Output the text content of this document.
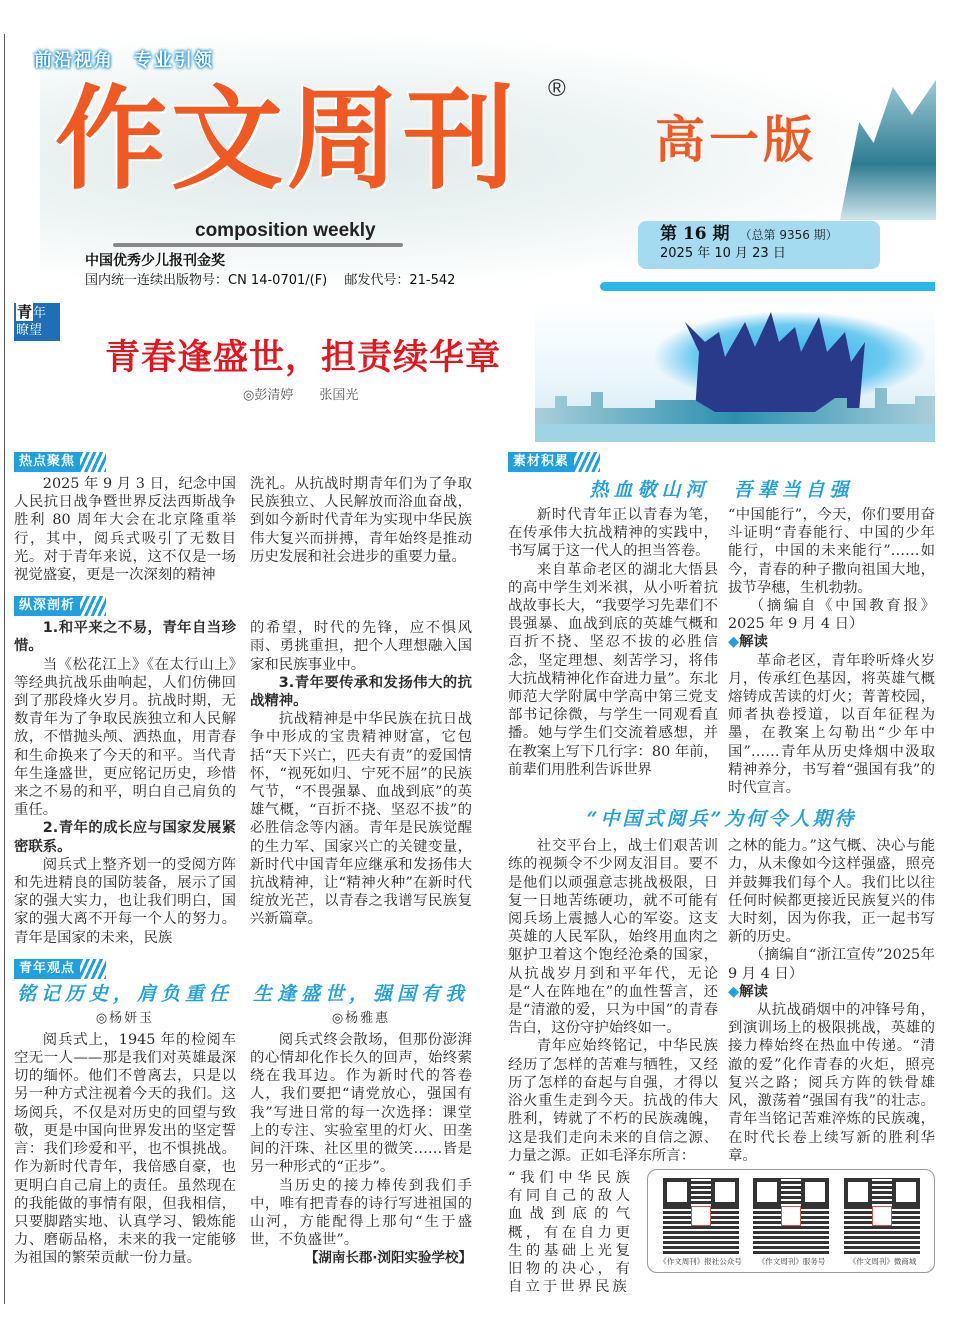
前沿视角　专业引领
作文周刊 ®
composition weekly
中国优秀少儿报刊金奖
国内统一连续出版物号：CN 14-0701/(F)　 邮发代号：21-542
高一版
第 16 期 （总第 9356 期）
2025 年 10 月 23 日
青年
瞭望
青春逢盛世，担责续华章
◎彭清婷　　张国光
热点聚焦

2025 年 9 月 3 日，纪念中国人民抗日战争暨世界反法西斯战争胜利 80 周年大会在北京隆重举行，其中，阅兵式吸引了无数目光。对于青年来说，这不仅是一场视觉盛宴，更是一次深刻的精神

洗礼。从抗战时期青年们为了争取民族独立、人民解放而浴血奋战，到如今新时代青年为实现中华民族伟大复兴而拼搏，青年始终是推动历史发展和社会进步的重要力量。

纵深剖析

1.和平来之不易，青年自当珍惜。

当《松花江上》《在太行山上》等经典抗战乐曲响起，人们仿佛回到了那段烽火岁月。抗战时期，无数青年为了争取民族独立和人民解放，不惜抛头颅、洒热血，用青春和生命换来了今天的和平。当代青年生逢盛世，更应铭记历史，珍惜来之不易的和平，明白自己肩负的重任。

2.青年的成长应与国家发展紧密联系。

阅兵式上整齐划一的受阅方阵和先进精良的国防装备，展示了国家的强大实力，也让我们明白，国家的强大离不开每一个人的努力。青年是国家的未来，民族

的希望，时代的先锋，应不惧风雨、勇挑重担，把个人理想融入国家和民族事业中。

3.青年要传承和发扬伟大的抗战精神。

抗战精神是中华民族在抗日战争中形成的宝贵精神财富，它包括“天下兴亡，匹夫有责”的爱国情怀，“视死如归、宁死不屈”的民族气节，“不畏强暴、血战到底”的英雄气概，“百折不挠、坚忍不拔”的必胜信念等内涵。青年是民族觉醒的生力军、国家兴亡的关键变量，新时代中国青年应继承和发扬伟大抗战精神，让“精神火种”在新时代绽放光芒，以青春之我谱写民族复兴新篇章。

青年观点
铭记历史，肩负重任
◎杨妍玉

阅兵式上，1945 年的检阅车空无一人——那是我们对英雄最深切的缅怀。他们不曾离去，只是以另一种方式注视着今天的我们。这场阅兵，不仅是对历史的回望与致敬，更是中国向世界发出的坚定誓言：我们珍爱和平，也不惧挑战。作为新时代青年，我倍感自豪，也更明白自己肩上的责任。虽然现在的我能做的事情有限，但我相信，只要脚踏实地、认真学习、锻炼能力、磨砺品格，未来的我一定能够为祖国的繁荣贡献一份力量。

生逢盛世，强国有我
◎杨雅惠

阅兵式终会散场，但那份澎湃的心情却化作长久的回声，始终萦绕在我耳边。作为新时代的答卷人，我们要把“请党放心，强国有我”写进日常的每一次选择：课堂上的专注、实验室里的灯火、田垄间的汗珠、社区里的微笑……皆是另一种形式的“正步”。

当历史的接力棒传到我们手中，唯有把青春的诗行写进祖国的山河，方能配得上那句“生于盛世，不负盛世”。

【湖南长郡·浏阳实验学校】
素材积累
热血敬山河　吾辈当自强

新时代青年正以青春为笔，在传承伟大抗战精神的实践中，书写属于这一代人的担当答卷。

来自革命老区的湖北大悟县的高中学生刘米祺，从小听着抗战故事长大，“我要学习先辈们不畏强暴、血战到底的英雄气概和百折不挠、坚忍不拔的必胜信念，坚定理想、刻苦学习，将伟大抗战精神化作奋进力量”。东北师范大学附属中学高中第三党支部书记徐微，与学生一同观看直播。她与学生们交流着感想，并在教案上写下几行字：80 年前，前辈们用胜利告诉世界

“中国能行”，今天，你们要用奋斗证明“青春能行、中国的少年能行，中国的未来能行”……如今，青春的种子撒向祖国大地，拔节孕穗，生机勃勃。

（摘编自《中国教育报》2025 年 9 月 4 日）

◆解读

革命老区，青年聆听烽火岁月，传承红色基因，将英雄气概熔铸成苦读的灯火；菁菁校园，师者执卷授道，以百年征程为墨，在教案上勾勒出“少年中国”……青年从历史烽烟中汲取精神养分，书写着“强国有我”的时代宣言。

“中国式阅兵”为何令人期待

社交平台上，战士们艰苦训练的视频令不少网友泪目。要不是他们以顽强意志挑战极限，日复一日地苦练硬功，就不可能有阅兵场上震撼人心的军姿。这支英雄的人民军队，始终用血肉之躯护卫着这个饱经沧桑的国家，从抗战岁月到和平年代，无论是“人在阵地在”的血性誓言，还是“清澈的爱，只为中国”的青春告白，这份守护始终如一。

青年应始终铭记，中华民族经历了怎样的苦难与牺牲，又经历了怎样的奋起与自强，才得以浴火重生走到今天。抗战的伟大胜利，铸就了不朽的民族魂魄，这是我们走向未来的自信之源、力量之源。正如毛泽东所言：

之林的能力。”这气概、决心与能力，从未像如今这样强盛，照亮并鼓舞我们每个人。我们比以往任何时候都更接近民族复兴的伟大时刻，因为你我，正一起书写新的历史。

（摘编自“浙江宣传”2025年 9 月 4 日）

◆解读

从抗战硝烟中的冲锋号角，到演训场上的极限挑战，英雄的接力棒始终在热血中传递。“清澈的爱”化作青春的火炬，照亮复兴之路；阅兵方阵的铁骨雄风，激荡着“强国有我”的壮志。青年当铭记苦难淬炼的民族魂，在时代长卷上续写新的胜利华章。

“我们中华民族有同自己的敌人血战到底的气概，有在自力更生的基础上光复旧物的决心，有自立于世界民族

《作文周刊》报社公众号	《作文周刊》服务号	《作文周刊》微商城
